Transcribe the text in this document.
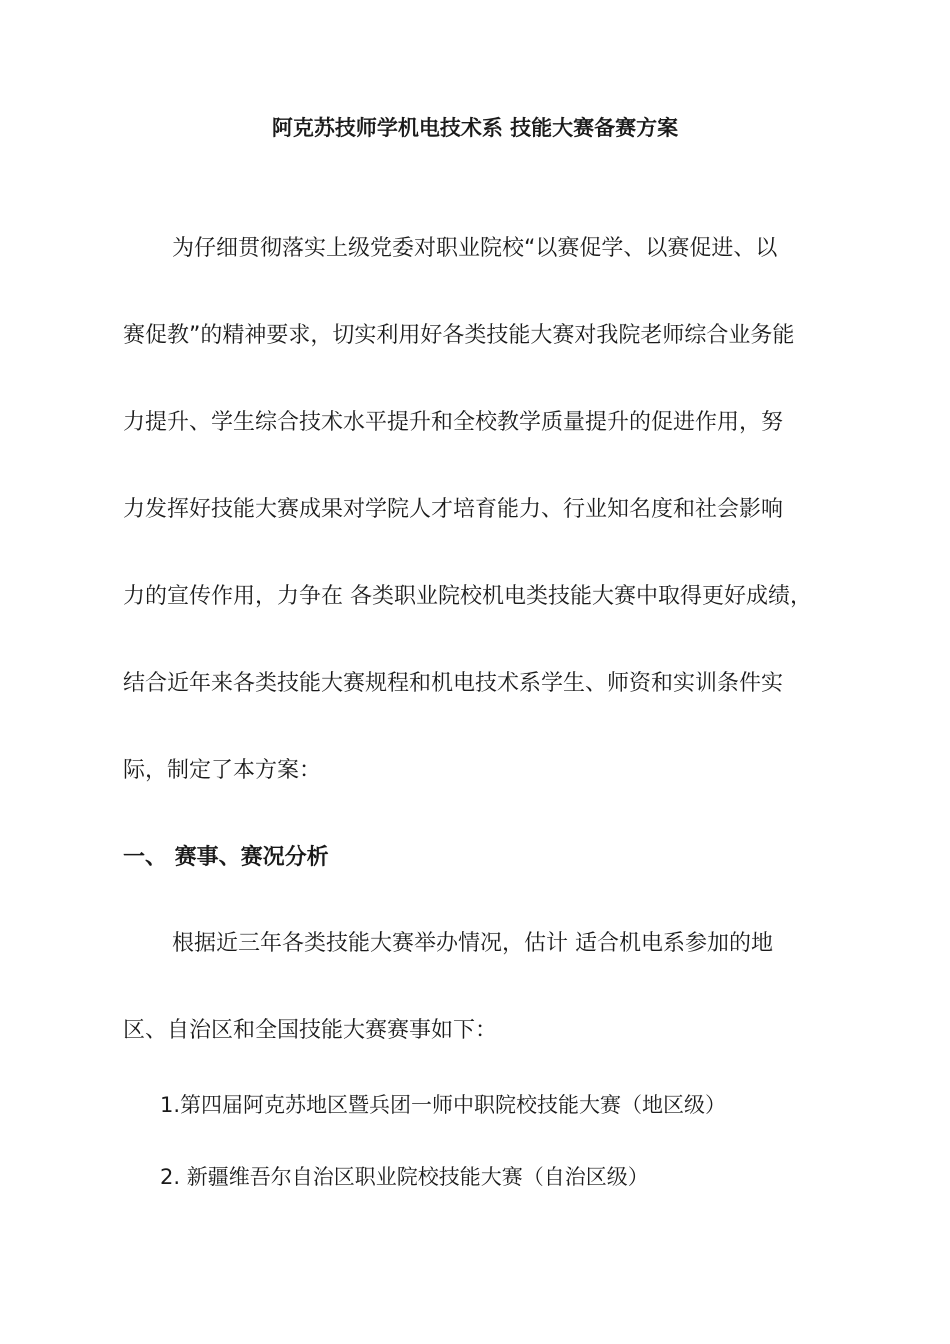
阿克苏技师学机电技术系 技能大赛备赛方案
为仔细贯彻落实上级党委对职业院校“以赛促学、以赛促进、以
赛促教”的精神要求，切实利用好各类技能大赛对我院老师综合业务能
力提升、学生综合技术水平提升和全校教学质量提升的促进作用，努
力发挥好技能大赛成果对学院人才培育能力、行业知名度和社会影响
力的宣传作用，力争在 各类职业院校机电类技能大赛中取得更好成绩，
结合近年来各类技能大赛规程和机电技术系学生、师资和实训条件实
际，制定了本方案：
一、 赛事、赛况分析
根据近三年各类技能大赛举办情况，估计 适合机电系参加的地
区、自治区和全国技能大赛赛事如下：
1.第四届阿克苏地区暨兵团一师中职院校技能大赛（地区级）
2. 新疆维吾尔自治区职业院校技能大赛（自治区级）
